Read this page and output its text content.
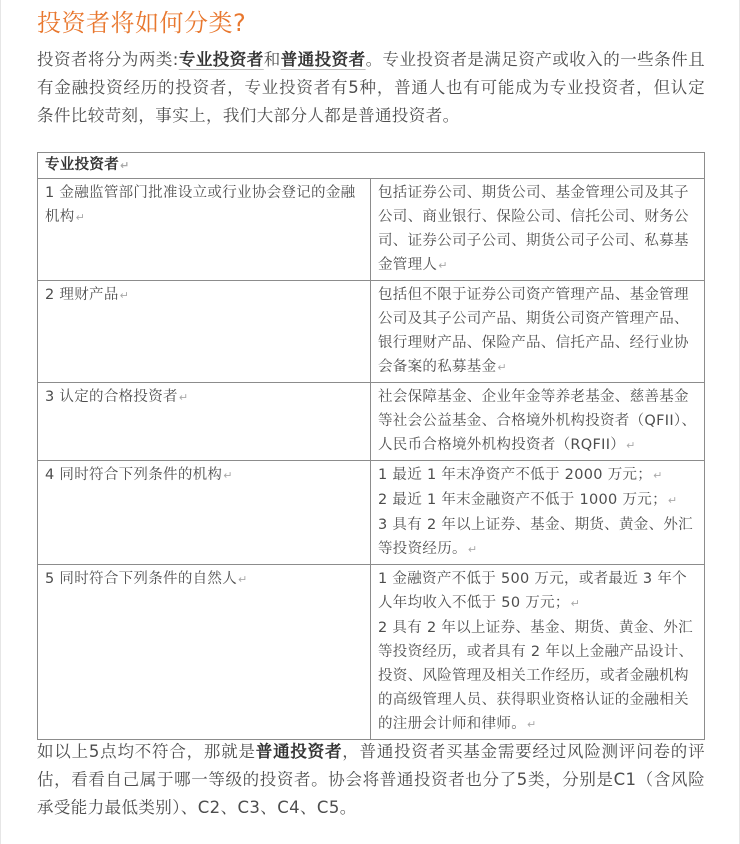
投资者将如何分类?
投资者将分为两类:专业投资者和普通投资者。专业投资者是满足资产或收入的一些条件且有金融投资经历的投资者，专业投资者有5种，普通人也有可能成为专业投资者，但认定条件比较苛刻，事实上，我们大部分人都是普通投资者。
专业投资者↵	
1 金融监管部门批准设立或行业协会登记的金融机构↵	包括证券公司、期货公司、基金管理公司及其子公司、商业银行、保险公司、信托公司、财务公司、证券公司子公司、期货公司子公司、私募基金管理人↵
2 理财产品↵	包括但不限于证券公司资产管理产品、基金管理公司及其子公司产品、期货公司资产管理产品、银行理财产品、保险产品、信托产品、经行业协会备案的私募基金↵
3 认定的合格投资者↵	社会保障基金、企业年金等养老基金、慈善基金等社会公益基金、合格境外机构投资者（QFII）、人民币合格境外机构投资者（RQFII）↵
4 同时符合下列条件的机构↵	1 最近 1 年末净资产不低于 2000 万元；↵
2 最近 1 年末金融资产不低于 1000 万元；↵
3 具有 2 年以上证券、基金、期货、黄金、外汇等投资经历。↵

5 同时符合下列条件的自然人↵	1 金融资产不低于 500 万元，或者最近 3 年个人年均收入不低于 50 万元；↵
2 具有 2 年以上证券、基金、期货、黄金、外汇等投资经历，或者具有 2 年以上金融产品设计、投资、风险管理及相关工作经历，或者金融机构的高级管理人员、获得职业资格认证的金融相关的注册会计师和律师。↵
如以上5点均不符合，那就是普通投资者，普通投资者买基金需要经过风险测评问卷的评估，看看自己属于哪一等级的投资者。协会将普通投资者也分了5类，分别是C1（含风险承受能力最低类别）、C2、C3、C4、C5。
